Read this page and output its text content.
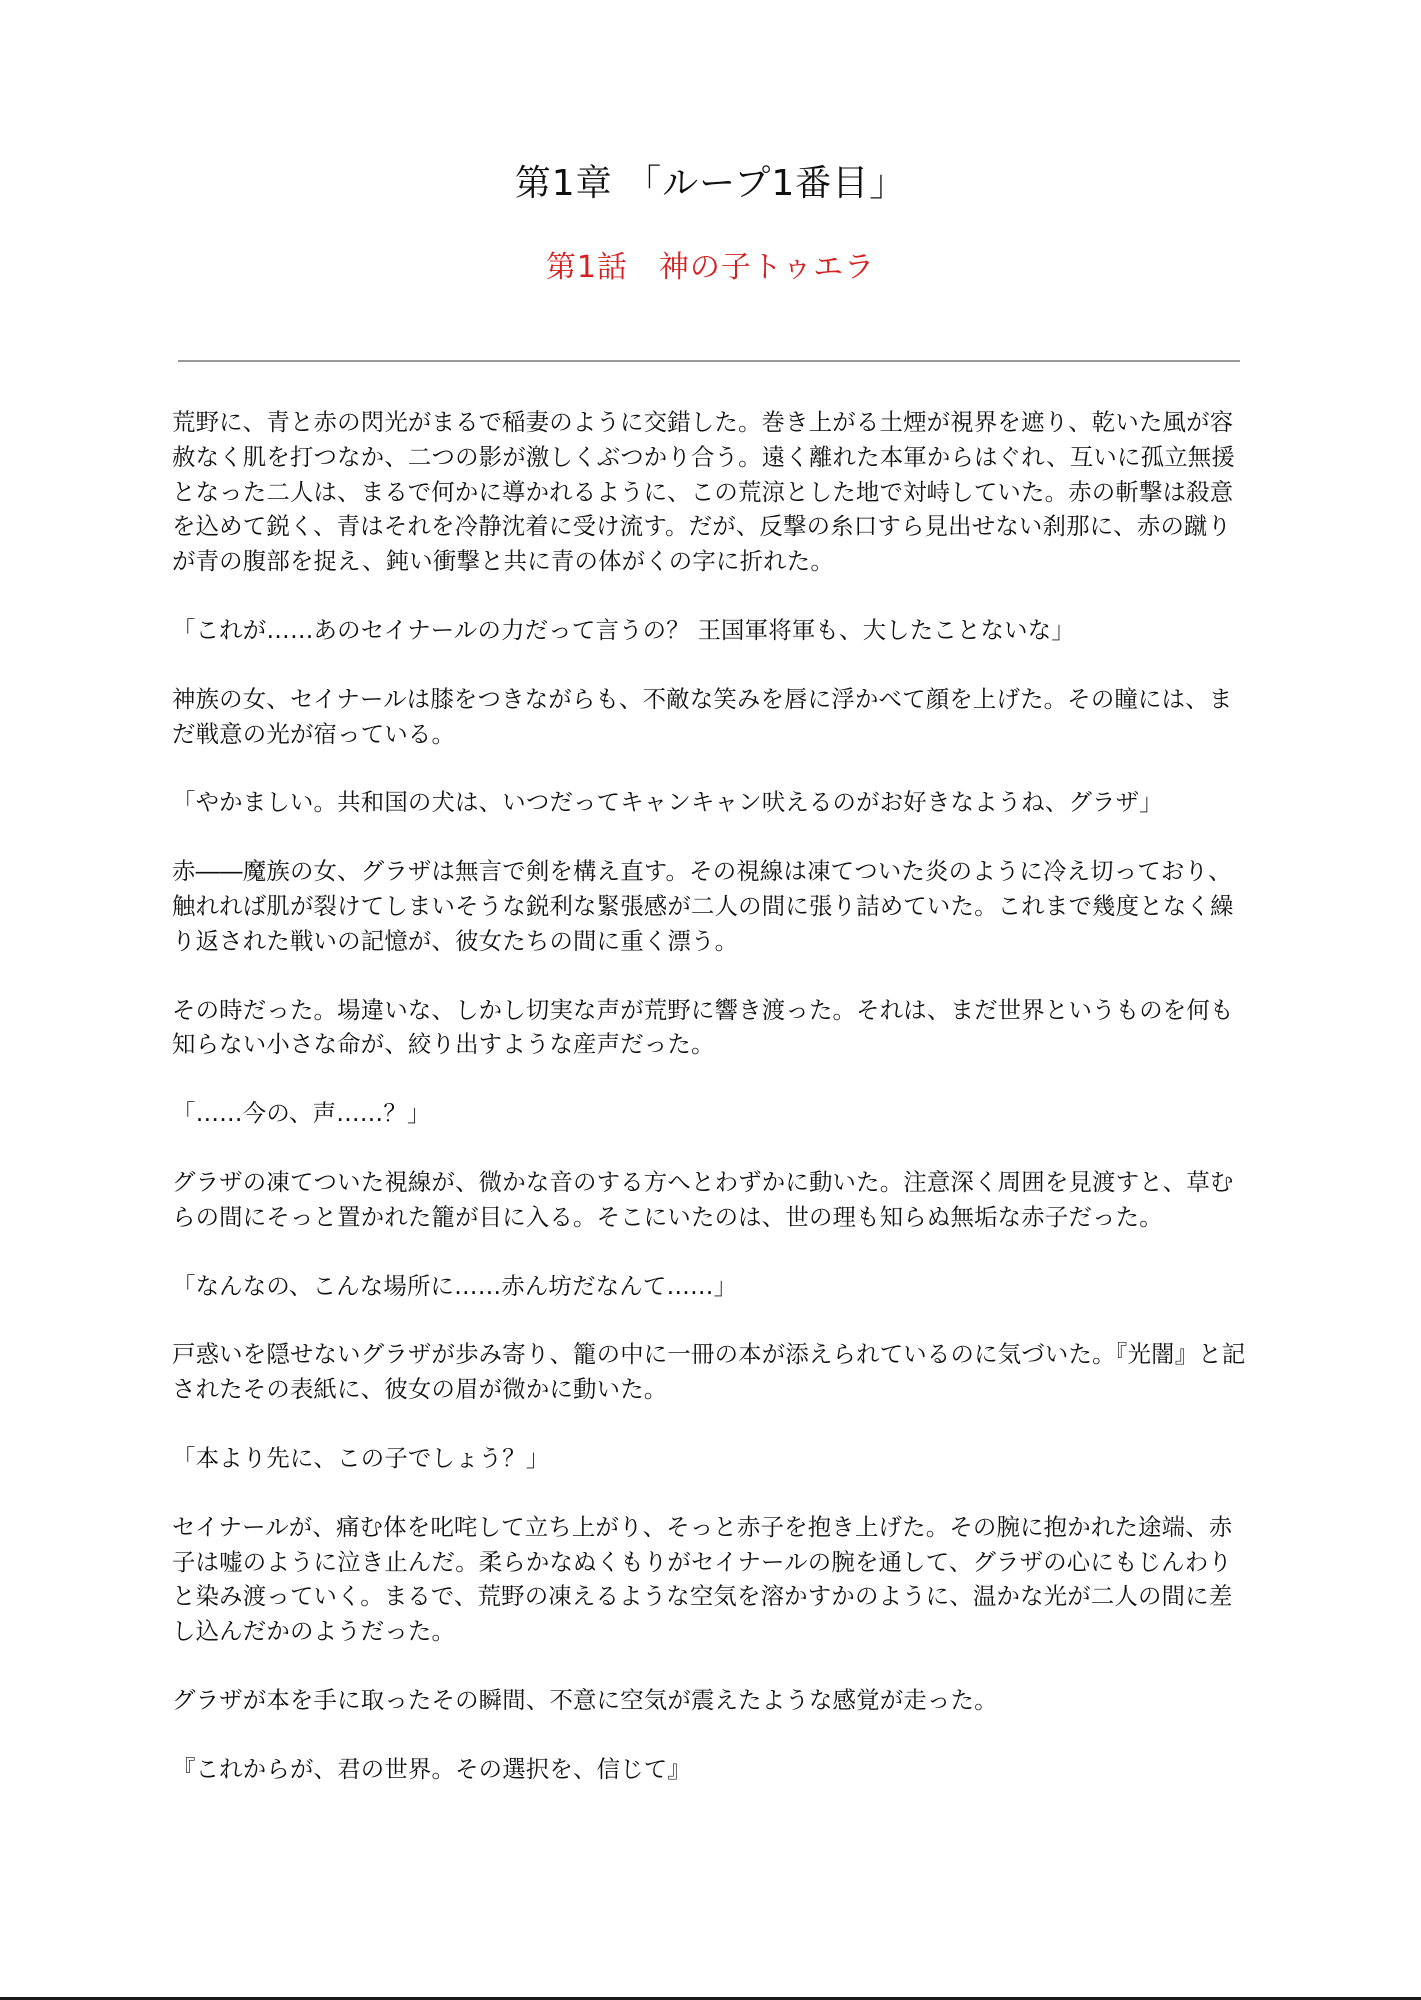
第1章 「ループ1番目」
第1話　神の子トゥエラ

荒野に、青と赤の閃光がまるで稲妻のように交錯した。巻き上がる土煙が視界を遮り、乾いた風が容赦なく肌を打つなか、二つの影が激しくぶつかり合う。遠く離れた本軍からはぐれ、互いに孤立無援となった二人は、まるで何かに導かれるように、この荒涼とした地で対峙していた。赤の斬撃は殺意を込めて鋭く、青はそれを冷静沈着に受け流す。だが、反撃の糸口すら見出せない刹那に、赤の蹴りが青の腹部を捉え、鈍い衝撃と共に青の体がくの字に折れた。

「これが……あのセイナールの力だって言うの？ 王国軍将軍も、大したことないな」

神族の女、セイナールは膝をつきながらも、不敵な笑みを唇に浮かべて顔を上げた。その瞳には、まだ戦意の光が宿っている。

「やかましい。共和国の犬は、いつだってキャンキャン吠えるのがお好きなようね、グラザ」

赤――魔族の女、グラザは無言で剣を構え直す。その視線は凍てついた炎のように冷え切っており、触れれば肌が裂けてしまいそうな鋭利な緊張感が二人の間に張り詰めていた。これまで幾度となく繰り返された戦いの記憶が、彼女たちの間に重く漂う。

その時だった。場違いな、しかし切実な声が荒野に響き渡った。それは、まだ世界というものを何も知らない小さな命が、絞り出すような産声だった。

「……今の、声……？」

グラザの凍てついた視線が、微かな音のする方へとわずかに動いた。注意深く周囲を見渡すと、草むらの間にそっと置かれた籠が目に入る。そこにいたのは、世の理も知らぬ無垢な赤子だった。

「なんなの、こんな場所に……赤ん坊だなんて……」

戸惑いを隠せないグラザが歩み寄り、籠の中に一冊の本が添えられているのに気づいた。『光闇』と記されたその表紙に、彼女の眉が微かに動いた。

「本より先に、この子でしょう？」

セイナールが、痛む体を叱咤して立ち上がり、そっと赤子を抱き上げた。その腕に抱かれた途端、赤子は嘘のように泣き止んだ。柔らかなぬくもりがセイナールの腕を通して、グラザの心にもじんわりと染み渡っていく。まるで、荒野の凍えるような空気を溶かすかのように、温かな光が二人の間に差し込んだかのようだった。

グラザが本を手に取ったその瞬間、不意に空気が震えたような感覚が走った。

『これからが、君の世界。その選択を、信じて』
